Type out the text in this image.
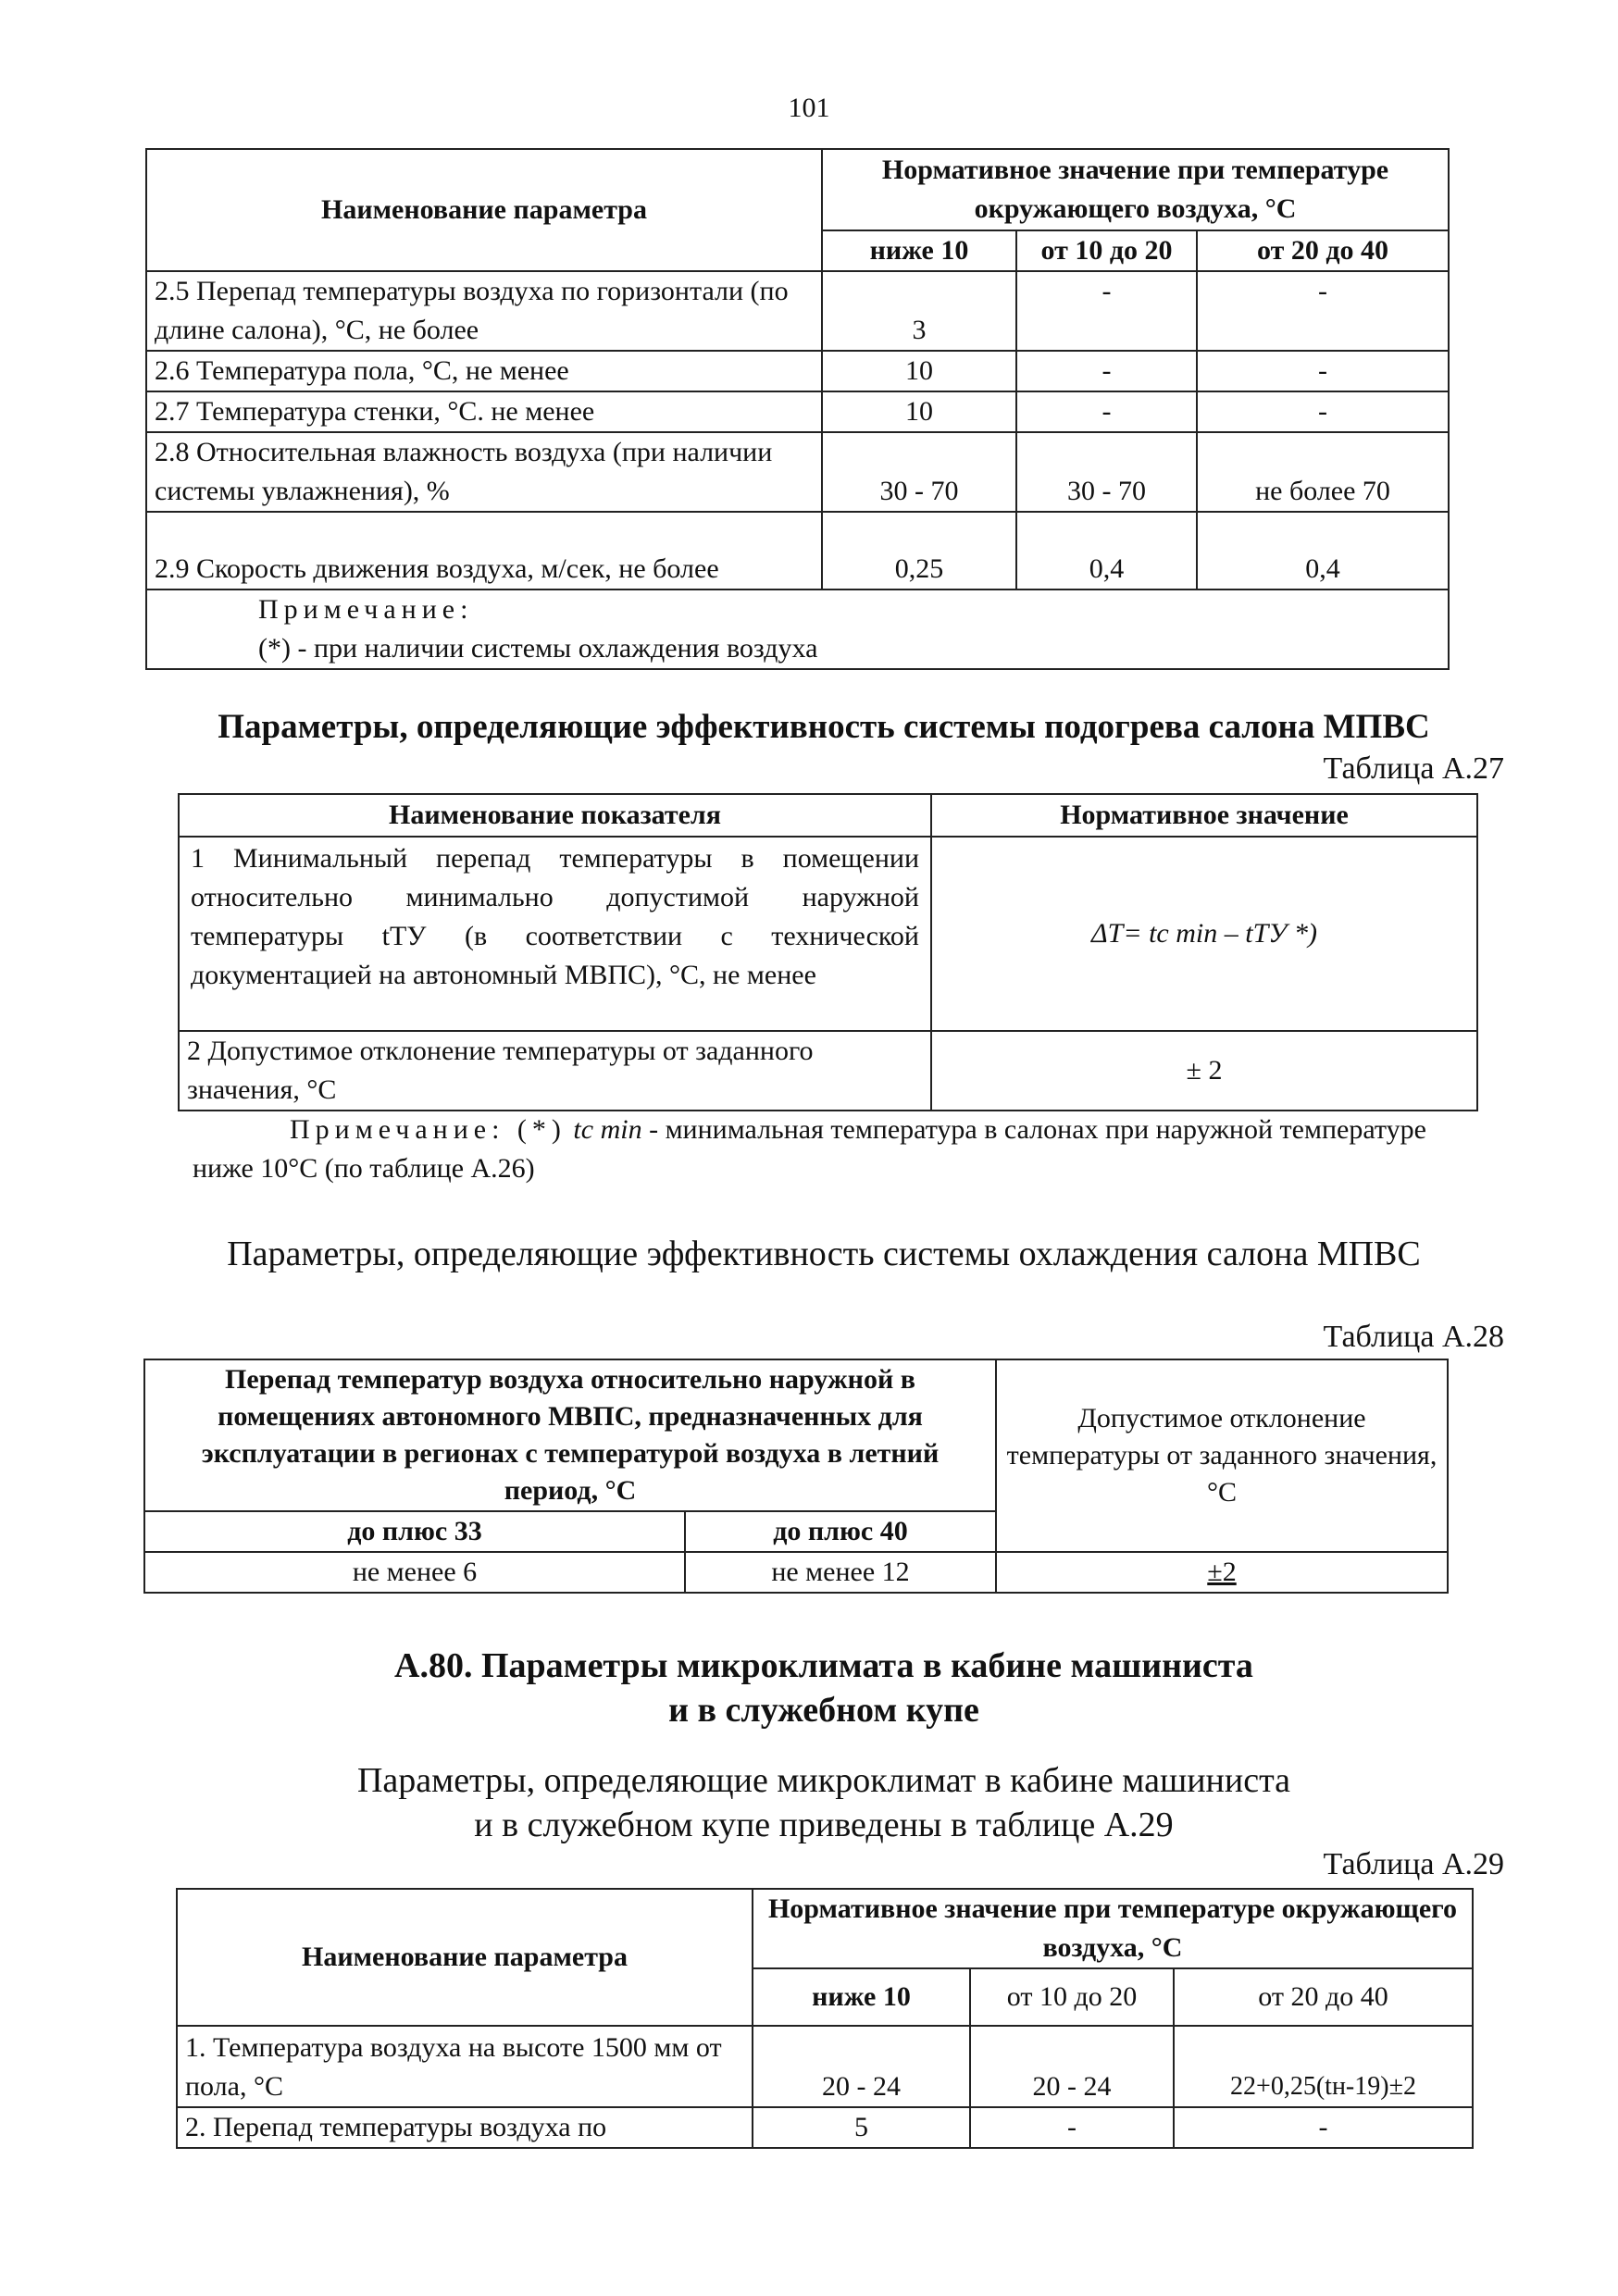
101
Наименование параметра	Нормативное значение при температуре окружающего воздуха, °С		
	ниже 10	от 10 до 20	от 20 до 40
2.5 Перепад температуры воздуха по горизонтали (по длине салона), °С, не более	3	-	-
2.6 Температура пола, °С, не менее	10	-	-
2.7 Температура стенки, °С. не менее	10	-	-
2.8 Относительная влажность воздуха (при наличии системы увлажнения), %	30 - 70	30 - 70	не более 70
2.9 Скорость движения воздуха, м/сек, не более	0,25	0,4	0,4

Примечание:
(*) - при наличии системы охлаждения воздуха			
Параметры, определяющие эффективность системы подогрева салона МПВС
Таблица А.27
Наименование показателя	Нормативное значение
1 Минимальный перепад температуры в помещении относительно минимально допустимой наружной температуры tТУ (в соответствии с технической документацией на автономный МВПС), °С, не менее	ΔT= tc min – tТУ *)
2 Допустимое отклонение температуры от заданного значения, °С	± 2
Примечание: (*) tc min - минимальная температура в салонах при наружной температуре ниже 10°С (по таблице А.26)
Параметры, определяющие эффективность системы охлаждения салона МПВС
Таблица А.28
Перепад температур воздуха относительно наружной в помещениях автономного МВПС, предназначенных для эксплуатации в регионах с температурой воздуха в летний период, °С		Допустимое отклонение температуры от заданного значения, °С
до плюс 33	до плюс 40	
не менее 6	не менее 12	±2
А.80. Параметры микроклимата в кабине машиниста
и в служебном купе
Параметры, определяющие микроклимат в кабине машиниста
и в служебном купе приведены в таблице А.29
Таблица А.29
Наименование параметра	Нормативное значение при температуре окружающего воздуха, °С		
	ниже 10	от 10 до 20	от 20 до 40
1. Температура воздуха на высоте 1500 мм от пола, °С	20 - 24	20 - 24	22+0,25(tн-19)±2
2. Перепад температуры воздуха по	5	-	-
